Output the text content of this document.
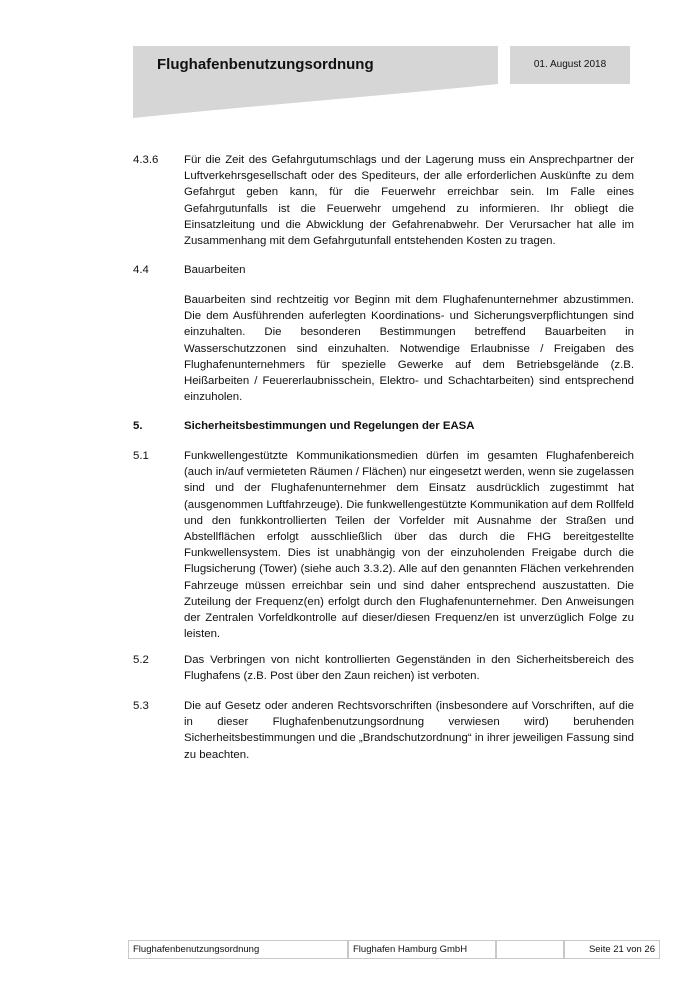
Flughafenbenutzungsordnung	01. August 2018
4.3.6	Für die Zeit des Gefahrgutumschlags und der Lagerung muss ein Ansprechpartner der Luftverkehrsgesellschaft oder des Spediteurs, der alle erforderlichen Auskünfte zu dem Gefahrgut geben kann, für die Feuerwehr erreichbar sein. Im Falle eines Gefahrgutunfalls ist die Feuerwehr umgehend zu informieren. Ihr obliegt die Einsatzleitung und die Abwicklung der Gefahrenabwehr. Der Verursacher hat alle im Zusammenhang mit dem Gefahrgutunfall entstehenden Kosten zu tragen.
4.4	Bauarbeiten
Bauarbeiten sind rechtzeitig vor Beginn mit dem Flughafenunternehmer abzustimmen. Die dem Ausführenden auferlegten Koordinations- und Sicherungsverpflichtungen sind einzuhalten. Die besonderen Bestimmungen betreffend Bauarbeiten in Wasserschutzzonen sind einzuhalten. Notwendige Erlaubnisse / Freigaben des Flughafenunternehmers für spezielle Gewerke auf dem Betriebsgelände (z.B. Heißarbeiten / Feuererlaubnisschein, Elektro- und Schachtarbeiten) sind entsprechend einzuholen.
5.	Sicherheitsbestimmungen und Regelungen der EASA
5.1	Funkwellengestützte Kommunikationsmedien dürfen im gesamten Flughafenbereich (auch in/auf vermieteten Räumen / Flächen) nur eingesetzt werden, wenn sie zugelassen sind und der Flughafenunternehmer dem Einsatz ausdrücklich zugestimmt hat (ausgenommen Luftfahrzeuge). Die funkwellengestützte Kommunikation auf dem Rollfeld und den funkkontrollierten Teilen der Vorfelder mit Ausnahme der Straßen und Abstellflächen erfolgt ausschließlich über das durch die FHG bereitgestellte Funkwellensystem. Dies ist unabhängig von der einzuholenden Freigabe durch die Flugsicherung (Tower) (siehe auch 3.3.2). Alle auf den genannten Flächen verkehrenden Fahrzeuge müssen erreichbar sein und sind daher entsprechend auszustatten. Die Zuteilung der Frequenz(en) erfolgt durch den Flughafenunternehmer. Den Anweisungen der Zentralen Vorfeldkontrolle auf dieser/diesen Frequenz/en ist unverzüglich Folge zu leisten.
5.2	Das Verbringen von nicht kontrollierten Gegenständen in den Sicherheitsbereich des Flughafens (z.B. Post über den Zaun reichen) ist verboten.
5.3	Die auf Gesetz oder anderen Rechtsvorschriften (insbesondere auf Vorschriften, auf die in dieser Flughafenbenutzungsordnung verwiesen wird) beruhenden Sicherheitsbestimmungen und die „Brandschutzordnung“ in ihrer jeweiligen Fassung sind zu beachten.
Flughafenbenutzungsordnung	Flughafen Hamburg GmbH	Seite 21 von 26
